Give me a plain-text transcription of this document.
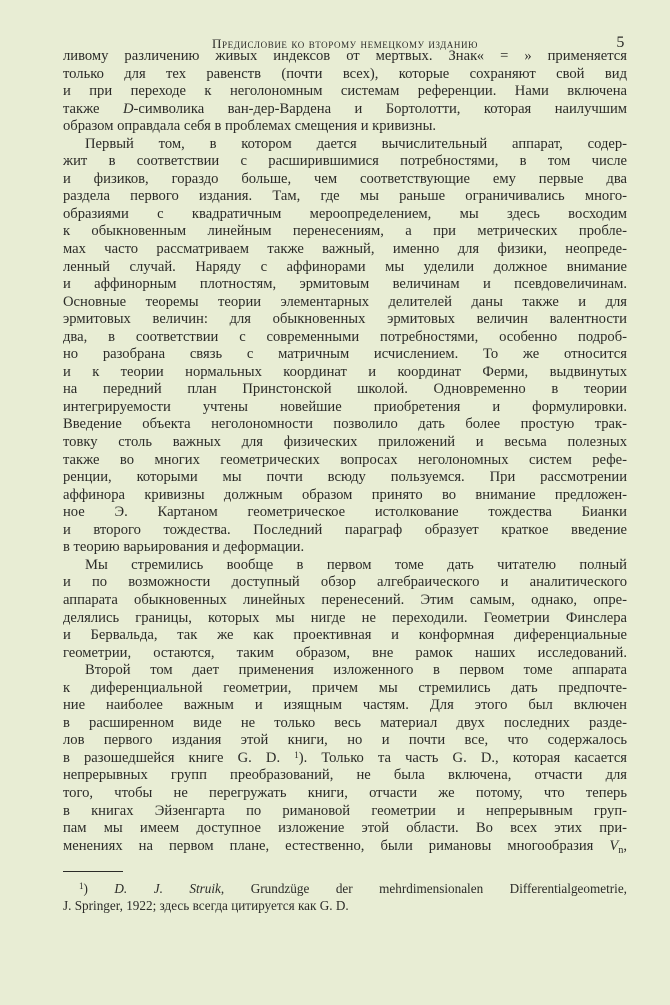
Предисловие ко второму немецкому изданию	5
ливому различению живых индексов от мертвых. Знак« = » применяется
только для тех равенств (почти всех), которые сохраняют свой вид
и при переходе к неголономным системам референции. Нами включена
также D-символика ван-дер-Вардена и Бортолотти, которая наилучшим
образом оправдала себя в проблемах смещения и кривизны.
Первый том, в котором дается вычислительный аппарат, содер-
жит в соответствии с расширившимися потребностями, в том числе
и физиков, гораздо больше, чем соответствующие ему первые два
раздела первого издания. Там, где мы раньше ограничивались много-
образиями с квадратичным мероопределением, мы здесь восходим
к обыкновенным линейным перенесениям, а при метрических пробле-
мах часто рассматриваем также важный, именно для физики, неопреде-
ленный случай. Наряду с аффинорами мы уделили должное внимание
и аффинорным плотностям, эрмитовым величинам и псевдовеличинам.
Основные теоремы теории элементарных делителей даны также и для
эрмитовых величин: для обыкновенных эрмитовых величин валентности
два, в соответствии с современными потребностями, особенно подроб-
но разобрана связь с матричным исчислением. То же относится
и к теории нормальных координат и координат Ферми, выдвинутых
на передний план Принстонской школой. Одновременно в теории
интегрируемости учтены новейшие приобретения и формулировки.
Введение объекта неголономности позволило дать более простую трак-
товку столь важных для физических приложений и весьма полезных
также во многих геометрических вопросах неголономных систем рефе-
ренции, которыми мы почти всюду пользуемся. При рассмотрении
аффинора кривизны должным образом принято во внимание предложен-
ное Э. Картаном геометрическое истолкование тождества Бианки
и второго тождества. Последний параграф образует краткое введение
в теорию варьирования и деформации.
Мы стремились вообще в первом томе дать читателю полный
и по возможности доступный обзор алгебраического и аналитического
аппарата обыкновенных линейных перенесений. Этим самым, однако, опре-
делялись границы, которых мы нигде не переходили. Геометрии Финслера
и Бервальда, так же как проективная и конформная диференциальные
геометрии, остаются, таким образом, вне рамок наших исследований.
Второй том дает применения изложенного в первом томе аппарата
к диференциальной геометрии, причем мы стремились дать предпочте-
ние наиболее важным и изящным частям. Для этого был включен
в расширенном виде не только весь материал двух последних разде-
лов первого издания этой книги, но и почти все, что содержалось
в разошедшейся книге G. D. $^1$). Только та часть G. D., которая касается
непрерывных групп преобразований, не была включена, отчасти для
того, чтобы не перегружать книги, отчасти же потому, что теперь
в книгах Эйзенгарта по римановой геометрии и непрерывным груп-
пам мы имеем доступное изложение этой области. Во всех этих при-
менениях на первом плане, естественно, были римановы многообразия $V_n$,
$^1$) D. J. Struik, Grundzüge der mehrdimensionalen Differentialgeometrie,
J. Springer, 1922; здесь всегда цитируется как G. D.
